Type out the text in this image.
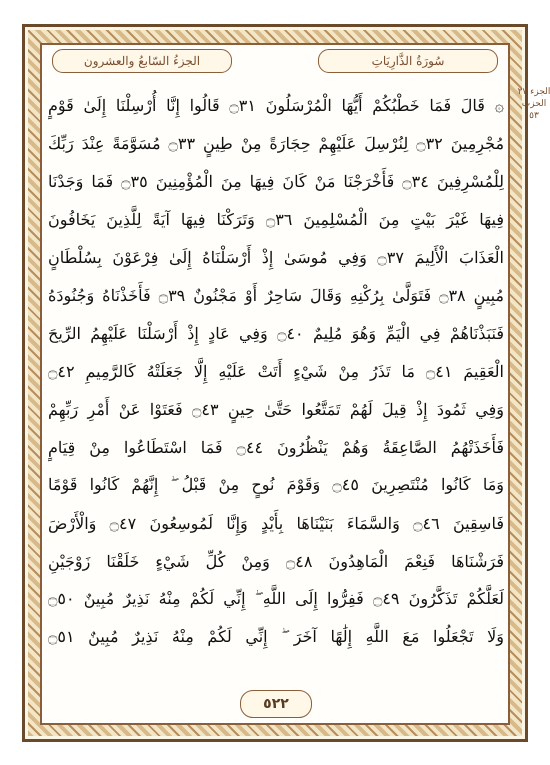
الجزءُ السّابعُ والعشرون	سُورَةُ الذَّارِيَاتِ
الجزء ٢٧
الحزب ٥٣
۞ قَالَ فَمَا خَطْبُكُمْ أَيُّهَا الْمُرْسَلُونَ ۝٣١ قَالُوا إِنَّا أُرْسِلْنَا إِلَىٰ قَوْمٍ
مُجْرِمِينَ ۝٣٢ لِنُرْسِلَ عَلَيْهِمْ حِجَارَةً مِنْ طِينٍ ۝٣٣ مُسَوَّمَةً عِنْدَ رَبِّكَ
لِلْمُسْرِفِينَ ۝٣٤ فَأَخْرَجْنَا مَنْ كَانَ فِيهَا مِنَ الْمُؤْمِنِينَ ۝٣٥ فَمَا وَجَدْنَا
فِيهَا غَيْرَ بَيْتٍ مِنَ الْمُسْلِمِينَ ۝٣٦ وَتَرَكْنَا فِيهَا آيَةً لِلَّذِينَ يَخَافُونَ
الْعَذَابَ الْأَلِيمَ ۝٣٧ وَفِي مُوسَىٰ إِذْ أَرْسَلْنَاهُ إِلَىٰ فِرْعَوْنَ بِسُلْطَانٍ
مُبِينٍ ۝٣٨ فَتَوَلَّىٰ بِرُكْنِهِ وَقَالَ سَاحِرٌ أَوْ مَجْنُونٌ ۝٣٩ فَأَخَذْنَاهُ وَجُنُودَهُ
فَنَبَذْنَاهُمْ فِي الْيَمِّ وَهُوَ مُلِيمٌ ۝٤٠ وَفِي عَادٍ إِذْ أَرْسَلْنَا عَلَيْهِمُ الرِّيحَ
الْعَقِيمَ ۝٤١ مَا تَذَرُ مِنْ شَيْءٍ أَتَتْ عَلَيْهِ إِلَّا جَعَلَتْهُ كَالرَّمِيمِ ۝٤٢
وَفِي ثَمُودَ إِذْ قِيلَ لَهُمْ تَمَتَّعُوا حَتَّىٰ حِينٍ ۝٤٣ فَعَتَوْا عَنْ أَمْرِ رَبِّهِمْ
فَأَخَذَتْهُمُ الصَّاعِقَةُ وَهُمْ يَنْظُرُونَ ۝٤٤ فَمَا اسْتَطَاعُوا مِنْ قِيَامٍ
وَمَا كَانُوا مُنْتَصِرِينَ ۝٤٥ وَقَوْمَ نُوحٍ مِنْ قَبْلُ ۖ إِنَّهُمْ كَانُوا قَوْمًا
فَاسِقِينَ ۝٤٦ وَالسَّمَاءَ بَنَيْنَاهَا بِأَيْدٍ وَإِنَّا لَمُوسِعُونَ ۝٤٧ وَالْأَرْضَ
فَرَشْنَاهَا فَنِعْمَ الْمَاهِدُونَ ۝٤٨ وَمِنْ كُلِّ شَيْءٍ خَلَقْنَا زَوْجَيْنِ
لَعَلَّكُمْ تَذَكَّرُونَ ۝٤٩ فَفِرُّوا إِلَى اللَّهِ ۖ إِنِّي لَكُمْ مِنْهُ نَذِيرٌ مُبِينٌ ۝٥٠
وَلَا تَجْعَلُوا مَعَ اللَّهِ إِلَٰهًا آخَرَ ۖ إِنِّي لَكُمْ مِنْهُ نَذِيرٌ مُبِينٌ ۝٥١
٥٢٢
